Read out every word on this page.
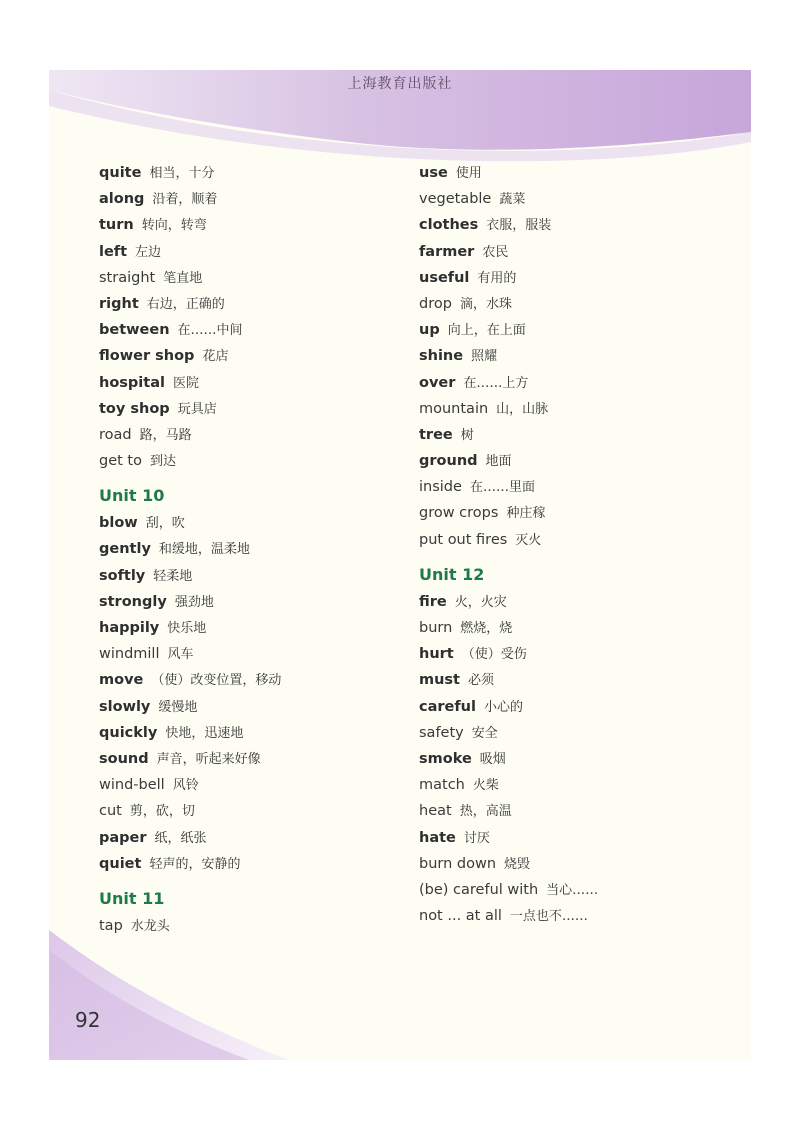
上海教育出版社
92
quite 相当，十分
along 沿着，顺着
turn 转向，转弯
left 左边
straight 笔直地
right 右边，正确的
between 在……中间
flower shop 花店
hospital 医院
toy shop 玩具店
road 路，马路
get to 到达
Unit 10
blow 刮，吹
gently 和缓地，温柔地
softly 轻柔地
strongly 强劲地
happily 快乐地
windmill 风车
move （使）改变位置，移动
slowly 缓慢地
quickly 快地，迅速地
sound 声音，听起来好像
wind-bell 风铃
cut 剪，砍，切
paper 纸，纸张
quiet 轻声的，安静的
Unit 11
tap 水龙头
use 使用
vegetable 蔬菜
clothes 衣服，服装
farmer 农民
useful 有用的
drop 滴，水珠
up 向上，在上面
shine 照耀
over 在……上方
mountain 山，山脉
tree 树
ground 地面
inside 在……里面
grow crops 种庄稼
put out fires 灭火
Unit 12
fire 火，火灾
burn 燃烧，烧
hurt （使）受伤
must 必须
careful 小心的
safety 安全
smoke 吸烟
match 火柴
heat 热，高温
hate 讨厌
burn down 烧毁
(be) careful with 当心……
not ... at all 一点也不……
